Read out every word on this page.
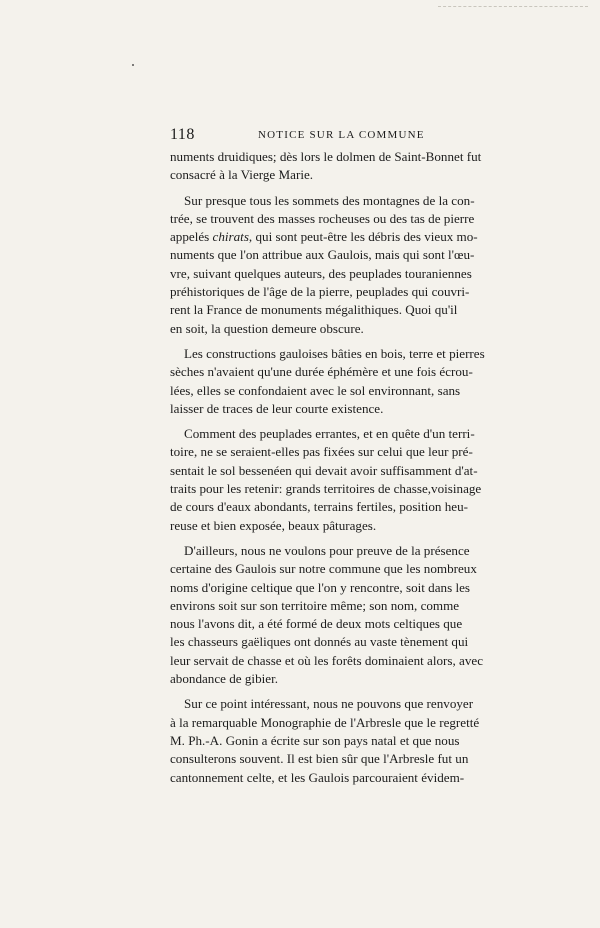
118	NOTICE SUR LA COMMUNE
numents druidiques; dès lors le dolmen de Saint-Bonnet fut
consacré à la Vierge Marie.
Sur presque tous les sommets des montagnes de la con-
trée, se trouvent des masses rocheuses ou des tas de pierre
appelés chirats, qui sont peut-être les débris des vieux mo-
numents que l'on attribue aux Gaulois, mais qui sont l'œu-
vre, suivant quelques auteurs, des peuplades touraniennes
préhistoriques de l'âge de la pierre, peuplades qui couvri-
rent la France de monuments mégalithiques. Quoi qu'il
en soit, la question demeure obscure.
Les constructions gauloises bâties en bois, terre et pierres
sèches n'avaient qu'une durée éphémère et une fois écrou-
lées, elles se confondaient avec le sol environnant, sans
laisser de traces de leur courte existence.
Comment des peuplades errantes, et en quête d'un terri-
toire, ne se seraient-elles pas fixées sur celui que leur pré-
sentait le sol bessenéen qui devait avoir suffisamment d'at-
traits pour les retenir: grands territoires de chasse,voisinage
de cours d'eaux abondants, terrains fertiles, position heu-
reuse et bien exposée, beaux pâturages.
D'ailleurs, nous ne voulons pour preuve de la présence
certaine des Gaulois sur notre commune que les nombreux
noms d'origine celtique que l'on y rencontre, soit dans les
environs soit sur son territoire même; son nom, comme
nous l'avons dit, a été formé de deux mots celtiques que
les chasseurs gaëliques ont donnés au vaste tènement qui
leur servait de chasse et où les forêts dominaient alors, avec
abondance de gibier.
Sur ce point intéressant, nous ne pouvons que renvoyer
à la remarquable Monographie de l'Arbresle que le regretté
M. Ph.-A. Gonin a écrite sur son pays natal et que nous
consulterons souvent. Il est bien sûr que l'Arbresle fut un
cantonnement celte, et les Gaulois parcouraient évidem-
